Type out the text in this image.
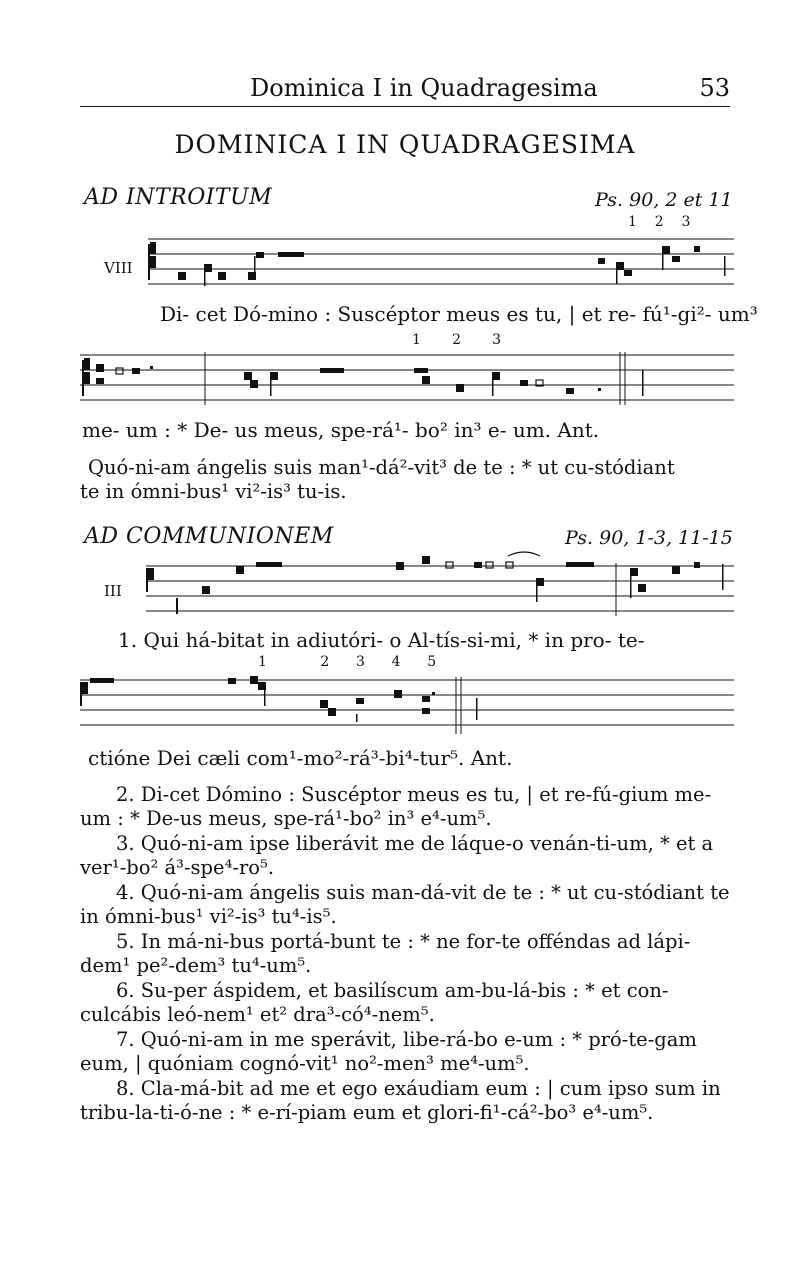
Dominica I in Quadragesima	53
DOMINICA I IN QUADRAGESIMA
AD INTROITUM	Ps. 90, 2 et 11
1 2 3
VIII
Di- cet Dó-mino : Suscéptor meus es tu, | et re- fú¹-gi²- um³
1 2 3
me- um : * De- us meus, spe-rá¹- bo² in³ e- um. Ant.
Quó-ni-am ángelis suis man¹-dá²-vit³ de te : * ut cu-stódiant
te in ómni-bus¹ vi²-is³ tu-is.
AD COMMUNIONEM	Ps. 90, 1-3, 11-15
III
1. Qui há-bitat in adiutóri- o Al-tís-si-mi, * in pro- te-
1	2 3 4 5
ctióne Dei cæli com¹-mo²-rá³-bi⁴-tur⁵. Ant.
2. Di-cet Dómino : Suscéptor meus es tu, | et re-fú-gium me-um : * De-us meus, spe-rá¹-bo² in³ e⁴-um⁵.
3. Quó-ni-am ipse liberávit me de láque-o venán-ti-um, * et a ver¹-bo² á³-spe⁴-ro⁵.
4. Quó-ni-am ángelis suis man-dá-vit de te : * ut cu-stódiant te in ómni-bus¹ vi²-is³ tu⁴-is⁵.
5. In má-ni-bus portá-bunt te : * ne for-te offéndas ad lápi-dem¹ pe²-dem³ tu⁴-um⁵.
6. Su-per áspidem, et basilíscum am-bu-lá-bis : * et con-culcábis leó-nem¹ et² dra³-có⁴-nem⁵.
7. Quó-ni-am in me sperávit, libe-rá-bo e-um : * pró-te-gam eum, | quóniam cognó-vit¹ no²-men³ me⁴-um⁵.
8. Cla-má-bit ad me et ego exáudiam eum : | cum ipso sum in tribu-la-ti-ó-ne : * e-rí-piam eum et glori-fi¹-cá²-bo³ e⁴-um⁵.
